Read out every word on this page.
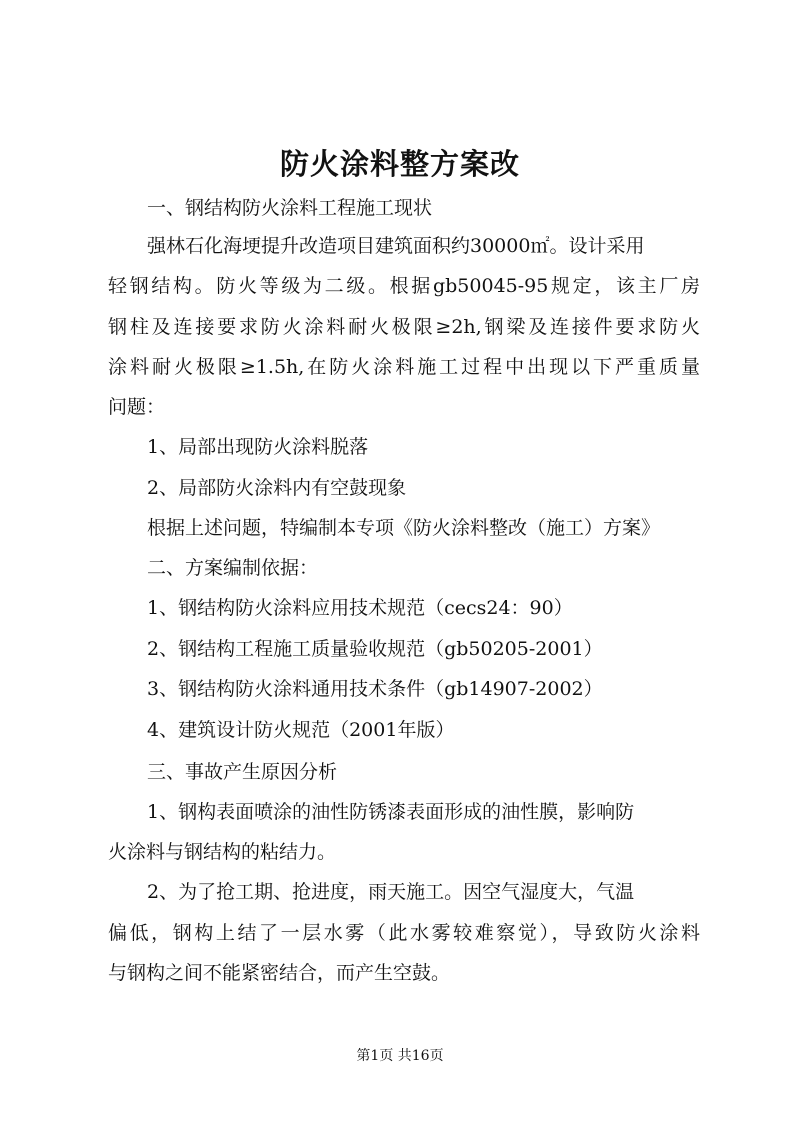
防火涂料整方案改

一、钢结构防火涂料工程施工现状

强林石化海埂提升改造项目建筑面积约30000㎡。设计采用

轻钢结构。防火等级为二级。根据gb50045-95规定，该主厂房

钢柱及连接要求防火涂料耐火极限≥2h,钢梁及连接件要求防火

涂料耐火极限≥1.5h,在防火涂料施工过程中出现以下严重质量

问题：

1、局部出现防火涂料脱落

2、局部防火涂料内有空鼓现象

根据上述问题，特编制本专项《防火涂料整改（施工）方案》

二、方案编制依据：

1、钢结构防火涂料应用技术规范（cecs24：90）

2、钢结构工程施工质量验收规范（gb50205-2001）

3、钢结构防火涂料通用技术条件（gb14907-2002）

4、建筑设计防火规范（2001年版）

三、事故产生原因分析

1、钢构表面喷涂的油性防锈漆表面形成的油性膜，影响防

火涂料与钢结构的粘结力。

2、为了抢工期、抢进度，雨天施工。因空气湿度大，气温

偏低，钢构上结了一层水雾（此水雾较难察觉），导致防火涂料

与钢构之间不能紧密结合，而产生空鼓。

第1页 共16页
